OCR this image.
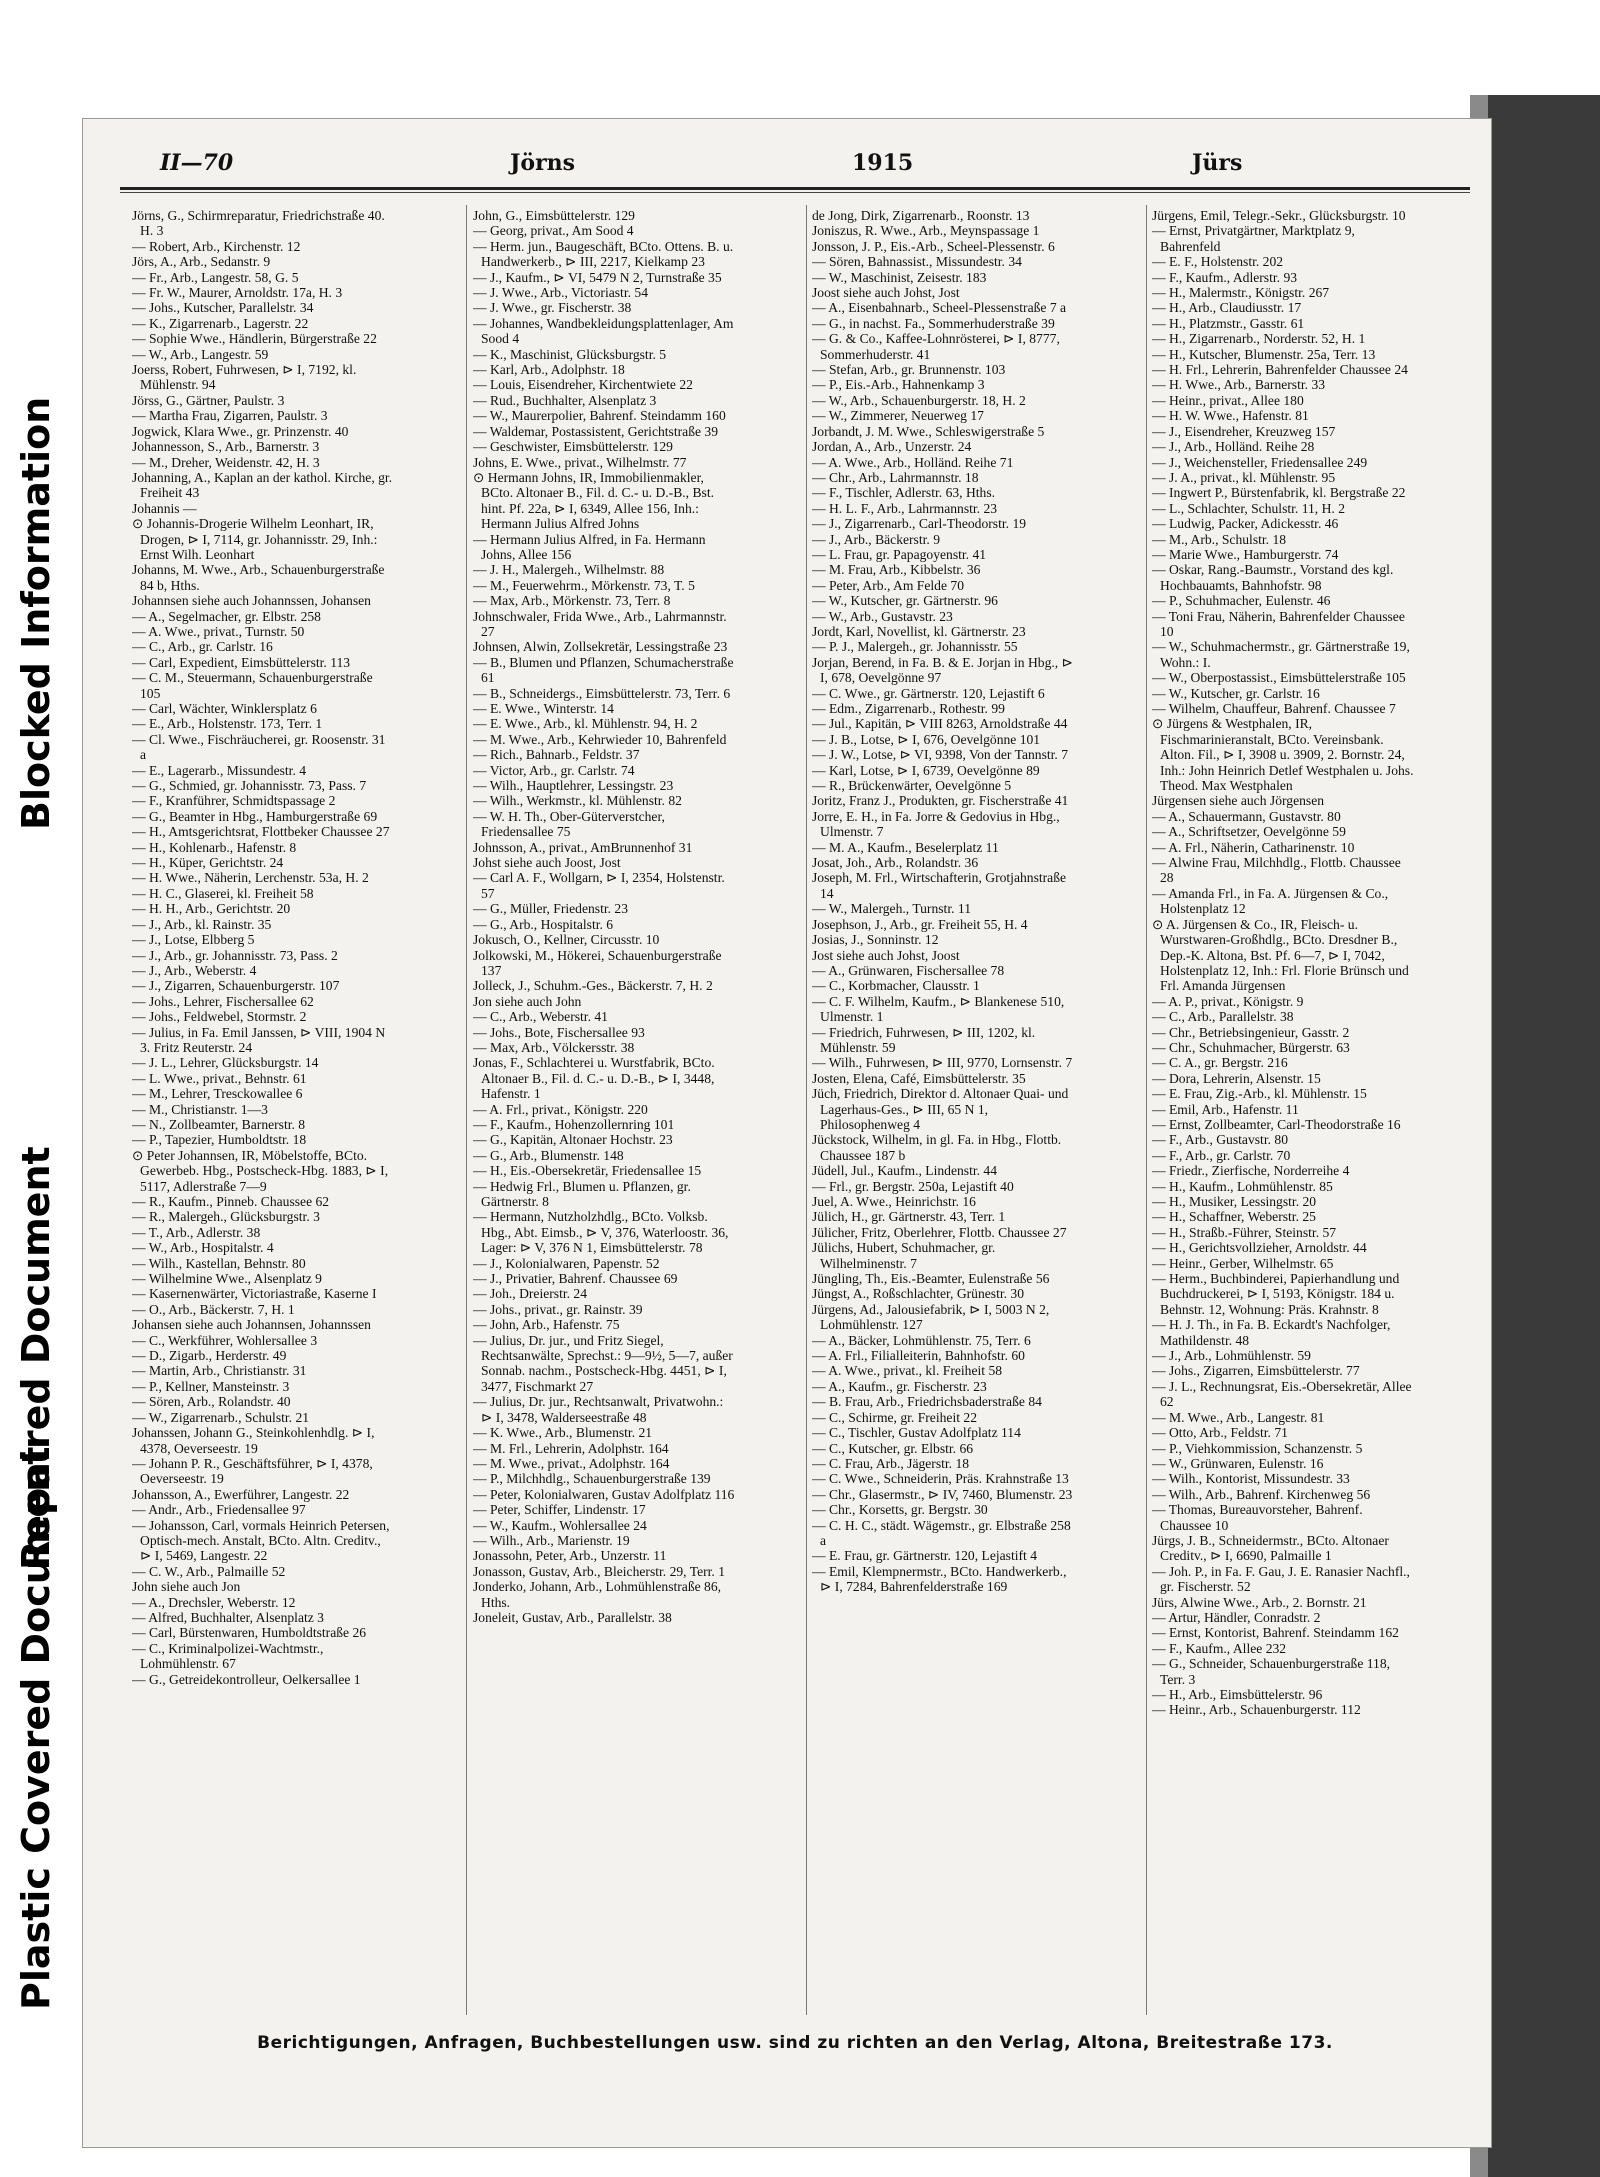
Plastic Covered Document
Repaired Document
Blocked Information
II—70	Jörns	1915	Jürs

Jörns, G., Schirmreparatur, Friedrichstraße 40. H. 3

— Robert, Arb., Kirchenstr. 12

Jörs, A., Arb., Sedanstr. 9

— Fr., Arb., Langestr. 58, G. 5

— Fr. W., Maurer, Arnoldstr. 17a, H. 3

— Johs., Kutscher, Parallelstr. 34

— K., Zigarrenarb., Lagerstr. 22

— Sophie Wwe., Händlerin, Bürgerstraße 22

— W., Arb., Langestr. 59

Joerss, Robert, Fuhrwesen, ⊳ I, 7192, kl. Mühlenstr. 94

Jörss, G., Gärtner, Paulstr. 3

— Martha Frau, Zigarren, Paulstr. 3

Jogwick, Klara Wwe., gr. Prinzenstr. 40

Johannesson, S., Arb., Barnerstr. 3

— M., Dreher, Weidenstr. 42, H. 3

Johanning, A., Kaplan an der kathol. Kirche, gr. Freiheit 43

Johannis —

⊙ Johannis-Drogerie Wilhelm Leonhart, IR, Drogen, ⊳ I, 7114, gr. Johannisstr. 29, Inh.: Ernst Wilh. Leonhart

Johanns, M. Wwe., Arb., Schauenburgerstraße 84 b, Hths.

Johannsen siehe auch Johannssen, Johansen

— A., Segelmacher, gr. Elbstr. 258

— A. Wwe., privat., Turnstr. 50

— C., Arb., gr. Carlstr. 16

— Carl, Expedient, Eimsbüttelerstr. 113

— C. M., Steuermann, Schauenburgerstraße 105

— Carl, Wächter, Winklersplatz 6

— E., Arb., Holstenstr. 173, Terr. 1

— Cl. Wwe., Fischräucherei, gr. Roosenstr. 31 a

— E., Lagerarb., Missundestr. 4

— G., Schmied, gr. Johannisstr. 73, Pass. 7

— F., Kranführer, Schmidtspassage 2

— G., Beamter in Hbg., Hamburgerstraße 69

— H., Amtsgerichtsrat, Flottbeker Chaussee 27

— H., Kohlenarb., Hafenstr. 8

— H., Küper, Gerichtstr. 24

— H. Wwe., Näherin, Lerchenstr. 53a, H. 2

— H. C., Glaserei, kl. Freiheit 58

— H. H., Arb., Gerichtstr. 20

— J., Arb., kl. Rainstr. 35

— J., Lotse, Elbberg 5

— J., Arb., gr. Johannisstr. 73, Pass. 2

— J., Arb., Weberstr. 4

— J., Zigarren, Schauenburgerstr. 107

— Johs., Lehrer, Fischersallee 62

— Johs., Feldwebel, Stormstr. 2

— Julius, in Fa. Emil Janssen, ⊳ VIII, 1904 N 3. Fritz Reuterstr. 24

— J. L., Lehrer, Glücksburgstr. 14

— L. Wwe., privat., Behnstr. 61

— M., Lehrer, Tresckowallee 6

— M., Christianstr. 1—3

— N., Zollbeamter, Barnerstr. 8

— P., Tapezier, Humboldtstr. 18

⊙ Peter Johannsen, IR, Möbelstoffe, BCto. Gewerbeb. Hbg., Postscheck-Hbg. 1883, ⊳ I, 5117, Adlerstraße 7—9

— R., Kaufm., Pinneb. Chaussee 62

— R., Malergeh., Glücksburgstr. 3

— T., Arb., Adlerstr. 38

— W., Arb., Hospitalstr. 4

— Wilh., Kastellan, Behnstr. 80

— Wilhelmine Wwe., Alsenplatz 9

— Kasernenwärter, Victoriastraße, Kaserne I

— O., Arb., Bäckerstr. 7, H. 1

Johansen siehe auch Johannsen, Johannssen

— C., Werkführer, Wohlersallee 3

— D., Zigarb., Herderstr. 49

— Martin, Arb., Christianstr. 31

— P., Kellner, Mansteinstr. 3

— Sören, Arb., Rolandstr. 40

— W., Zigarrenarb., Schulstr. 21

Johanssen, Johann G., Steinkohlenhdlg. ⊳ I, 4378, Oeverseestr. 19

— Johann P. R., Geschäftsführer, ⊳ I, 4378, Oeverseestr. 19

Johansson, A., Ewerführer, Langestr. 22

— Andr., Arb., Friedensallee 97

— Johansson, Carl, vormals Heinrich Petersen, Optisch-mech. Anstalt, BCto. Altn. Creditv., ⊳ I, 5469, Langestr. 22

— C. W., Arb., Palmaille 52

John siehe auch Jon

— A., Drechsler, Weberstr. 12

— Alfred, Buchhalter, Alsenplatz 3

— Carl, Bürstenwaren, Humboldtstraße 26

— C., Kriminalpolizei-Wachtmstr., Lohmühlenstr. 67

— G., Getreidekontrolleur, Oelkersallee 1

John, G., Eimsbüttelerstr. 129

— Georg, privat., Am Sood 4

— Herm. jun., Baugeschäft, BCto. Ottens. B. u. Handwerkerb., ⊳ III, 2217, Kielkamp 23

— J., Kaufm., ⊳ VI, 5479 N 2, Turnstraße 35

— J. Wwe., Arb., Victoriastr. 54

— J. Wwe., gr. Fischerstr. 38

— Johannes, Wandbekleidungsplattenlager, Am Sood 4

— K., Maschinist, Glücksburgstr. 5

— Karl, Arb., Adolphstr. 18

— Louis, Eisendreher, Kirchentwiete 22

— Rud., Buchhalter, Alsenplatz 3

— W., Maurerpolier, Bahrenf. Steindamm 160

— Waldemar, Postassistent, Gerichtstraße 39

— Geschwister, Eimsbüttelerstr. 129

Johns, E. Wwe., privat., Wilhelmstr. 77

⊙ Hermann Johns, IR, Immobilienmakler, BCto. Altonaer B., Fil. d. C.- u. D.-B., Bst. hint. Pf. 22a, ⊳ I, 6349, Allee 156, Inh.: Hermann Julius Alfred Johns

— Hermann Julius Alfred, in Fa. Hermann Johns, Allee 156

— J. H., Malergeh., Wilhelmstr. 88

— M., Feuerwehrm., Mörkenstr. 73, T. 5

— Max, Arb., Mörkenstr. 73, Terr. 8

Johnschwaler, Frida Wwe., Arb., Lahrmannstr. 27

Johnsen, Alwin, Zollsekretär, Lessingstraße 23

— B., Blumen und Pflanzen, Schumacherstraße 61

— B., Schneidergs., Eimsbüttelerstr. 73, Terr. 6

— E. Wwe., Winterstr. 14

— E. Wwe., Arb., kl. Mühlenstr. 94, H. 2

— M. Wwe., Arb., Kehrwieder 10, Bahrenfeld

— Rich., Bahnarb., Feldstr. 37

— Victor, Arb., gr. Carlstr. 74

— Wilh., Hauptlehrer, Lessingstr. 23

— Wilh., Werkmstr., kl. Mühlenstr. 82

— W. H. Th., Ober-Güterverstcher, Friedensallee 75

Johnsson, A., privat., AmBrunnenhof 31

Johst siehe auch Joost, Jost

— Carl A. F., Wollgarn, ⊳ I, 2354, Holstenstr. 57

— G., Müller, Friedenstr. 23

— G., Arb., Hospitalstr. 6

Jokusch, O., Kellner, Circusstr. 10

Jolkowski, M., Hökerei, Schauenburgerstraße 137

Jolleck, J., Schuhm.-Ges., Bäckerstr. 7, H. 2

Jon siehe auch John

— C., Arb., Weberstr. 41

— Johs., Bote, Fischersallee 93

— Max, Arb., Völckersstr. 38

Jonas, F., Schlachterei u. Wurstfabrik, BCto. Altonaer B., Fil. d. C.- u. D.-B., ⊳ I, 3448, Hafenstr. 1

— A. Frl., privat., Königstr. 220

— F., Kaufm., Hohenzollernring 101

— G., Kapitän, Altonaer Hochstr. 23

— G., Arb., Blumenstr. 148

— H., Eis.-Obersekretär, Friedensallee 15

— Hedwig Frl., Blumen u. Pflanzen, gr. Gärtnerstr. 8

— Hermann, Nutzholzhdlg., BCto. Volksb. Hbg., Abt. Eimsb., ⊳ V, 376, Waterloostr. 36, Lager: ⊳ V, 376 N 1, Eimsbüttelerstr. 78

— J., Kolonialwaren, Papenstr. 52

— J., Privatier, Bahrenf. Chaussee 69

— Joh., Dreierstr. 24

— Johs., privat., gr. Rainstr. 39

— John, Arb., Hafenstr. 75

— Julius, Dr. jur., und Fritz Siegel, Rechtsanwälte, Sprechst.: 9—9½, 5—7, außer Sonnab. nachm., Postscheck-Hbg. 4451, ⊳ I, 3477, Fischmarkt 27

— Julius, Dr. jur., Rechtsanwalt, Privatwohn.: ⊳ I, 3478, Walderseestraße 48

— K. Wwe., Arb., Blumenstr. 21

— M. Frl., Lehrerin, Adolphstr. 164

— M. Wwe., privat., Adolphstr. 164

— P., Milchhdlg., Schauenburgerstraße 139

— Peter, Kolonialwaren, Gustav Adolfplatz 116

— Peter, Schiffer, Lindenstr. 17

— W., Kaufm., Wohlersallee 24

— Wilh., Arb., Marienstr. 19

Jonassohn, Peter, Arb., Unzerstr. 11

Jonasson, Gustav, Arb., Bleicherstr. 29, Terr. 1

Jonderko, Johann, Arb., Lohmühlenstraße 86, Hths.

Joneleit, Gustav, Arb., Parallelstr. 38

de Jong, Dirk, Zigarrenarb., Roonstr. 13

Joniszus, R. Wwe., Arb., Meynspassage 1

Jonsson, J. P., Eis.-Arb., Scheel-Plessenstr. 6

— Sören, Bahnassist., Missundestr. 34

— W., Maschinist, Zeisestr. 183

Joost siehe auch Johst, Jost

— A., Eisenbahnarb., Scheel-Plessenstraße 7 a

— G., in nachst. Fa., Sommerhuderstraße 39

— G. & Co., Kaffee-Lohnrösterei, ⊳ I, 8777, Sommerhuderstr. 41

— Stefan, Arb., gr. Brunnenstr. 103

— P., Eis.-Arb., Hahnenkamp 3

— W., Arb., Schauenburgerstr. 18, H. 2

— W., Zimmerer, Neuerweg 17

Jorbandt, J. M. Wwe., Schleswigerstraße 5

Jordan, A., Arb., Unzerstr. 24

— A. Wwe., Arb., Holländ. Reihe 71

— Chr., Arb., Lahrmannstr. 18

— F., Tischler, Adlerstr. 63, Hths.

— H. L. F., Arb., Lahrmannstr. 23

— J., Zigarrenarb., Carl-Theodorstr. 19

— J., Arb., Bäckerstr. 9

— L. Frau, gr. Papagoyenstr. 41

— M. Frau, Arb., Kibbelstr. 36

— Peter, Arb., Am Felde 70

— W., Kutscher, gr. Gärtnerstr. 96

— W., Arb., Gustavstr. 23

Jordt, Karl, Novellist, kl. Gärtnerstr. 23

— P. J., Malergeh., gr. Johannisstr. 55

Jorjan, Berend, in Fa. B. & E. Jorjan in Hbg., ⊳ I, 678, Oevelgönne 97

— C. Wwe., gr. Gärtnerstr. 120, Lejastift 6

— Edm., Zigarrenarb., Rothestr. 99

— Jul., Kapitän, ⊳ VIII 8263, Arnoldstraße 44

— J. B., Lotse, ⊳ I, 676, Oevelgönne 101

— J. W., Lotse, ⊳ VI, 9398, Von der Tannstr. 7

— Karl, Lotse, ⊳ I, 6739, Oevelgönne 89

— R., Brückenwärter, Oevelgönne 5

Joritz, Franz J., Produkten, gr. Fischerstraße 41

Jorre, E. H., in Fa. Jorre & Gedovius in Hbg., Ulmenstr. 7

— M. A., Kaufm., Beselerplatz 11

Josat, Joh., Arb., Rolandstr. 36

Joseph, M. Frl., Wirtschafterin, Grotjahnstraße 14

— W., Malergeh., Turnstr. 11

Josephson, J., Arb., gr. Freiheit 55, H. 4

Josias, J., Sonninstr. 12

Jost siehe auch Johst, Joost

— A., Grünwaren, Fischersallee 78

— C., Korbmacher, Clausstr. 1

— C. F. Wilhelm, Kaufm., ⊳ Blankenese 510, Ulmenstr. 1

— Friedrich, Fuhrwesen, ⊳ III, 1202, kl. Mühlenstr. 59

— Wilh., Fuhrwesen, ⊳ III, 9770, Lornsenstr. 7

Josten, Elena, Café, Eimsbüttelerstr. 35

Jüch, Friedrich, Direktor d. Altonaer Quai- und Lagerhaus-Ges., ⊳ III, 65 N 1, Philosophenweg 4

Jückstock, Wilhelm, in gl. Fa. in Hbg., Flottb. Chaussee 187 b

Jüdell, Jul., Kaufm., Lindenstr. 44

— Frl., gr. Bergstr. 250a, Lejastift 40

Juel, A. Wwe., Heinrichstr. 16

Jülich, H., gr. Gärtnerstr. 43, Terr. 1

Jülicher, Fritz, Oberlehrer, Flottb. Chaussee 27

Jülichs, Hubert, Schuhmacher, gr. Wilhelminenstr. 7

Jüngling, Th., Eis.-Beamter, Eulenstraße 56

Jüngst, A., Roßschlachter, Grünestr. 30

Jürgens, Ad., Jalousiefabrik, ⊳ I, 5003 N 2, Lohmühlenstr. 127

— A., Bäcker, Lohmühlenstr. 75, Terr. 6

— A. Frl., Filialleiterin, Bahnhofstr. 60

— A. Wwe., privat., kl. Freiheit 58

— A., Kaufm., gr. Fischerstr. 23

— B. Frau, Arb., Friedrichsbaderstraße 84

— C., Schirme, gr. Freiheit 22

— C., Tischler, Gustav Adolfplatz 114

— C., Kutscher, gr. Elbstr. 66

— C. Frau, Arb., Jägerstr. 18

— C. Wwe., Schneiderin, Präs. Krahnstraße 13

— Chr., Glasermstr., ⊳ IV, 7460, Blumenstr. 23

— Chr., Korsetts, gr. Bergstr. 30

— C. H. C., städt. Wägemstr., gr. Elbstraße 258 a

— E. Frau, gr. Gärtnerstr. 120, Lejastift 4

— Emil, Klempnermstr., BCto. Handwerkerb., ⊳ I, 7284, Bahrenfelderstraße 169

Jürgens, Emil, Telegr.-Sekr., Glücksburgstr. 10

— Ernst, Privatgärtner, Marktplatz 9, Bahrenfeld

— E. F., Holstenstr. 202

— F., Kaufm., Adlerstr. 93

— H., Malermstr., Königstr. 267

— H., Arb., Claudiusstr. 17

— H., Platzmstr., Gasstr. 61

— H., Zigarrenarb., Norderstr. 52, H. 1

— H., Kutscher, Blumenstr. 25a, Terr. 13

— H. Frl., Lehrerin, Bahrenfelder Chaussee 24

— H. Wwe., Arb., Barnerstr. 33

— Heinr., privat., Allee 180

— H. W. Wwe., Hafenstr. 81

— J., Eisendreher, Kreuzweg 157

— J., Arb., Holländ. Reihe 28

— J., Weichensteller, Friedensallee 249

— J. A., privat., kl. Mühlenstr. 95

— Ingwert P., Bürstenfabrik, kl. Bergstraße 22

— L., Schlachter, Schulstr. 11, H. 2

— Ludwig, Packer, Adickesstr. 46

— M., Arb., Schulstr. 18

— Marie Wwe., Hamburgerstr. 74

— Oskar, Rang.-Baumstr., Vorstand des kgl. Hochbauamts, Bahnhofstr. 98

— P., Schuhmacher, Eulenstr. 46

— Toni Frau, Näherin, Bahrenfelder Chaussee 10

— W., Schuhmachermstr., gr. Gärtnerstraße 19, Wohn.: I.

— W., Oberpostassist., Eimsbüttelerstraße 105

— W., Kutscher, gr. Carlstr. 16

— Wilhelm, Chauffeur, Bahrenf. Chaussee 7

⊙ Jürgens & Westphalen, IR, Fischmarinieranstalt, BCto. Vereinsbank. Alton. Fil., ⊳ I, 3908 u. 3909, 2. Bornstr. 24, Inh.: John Heinrich Detlef Westphalen u. Johs. Theod. Max Westphalen

Jürgensen siehe auch Jörgensen

— A., Schauermann, Gustavstr. 80

— A., Schriftsetzer, Oevelgönne 59

— A. Frl., Näherin, Catharinenstr. 10

— Alwine Frau, Milchhdlg., Flottb. Chaussee 28

— Amanda Frl., in Fa. A. Jürgensen & Co., Holstenplatz 12

⊙ A. Jürgensen & Co., IR, Fleisch- u. Wurstwaren-Großhdlg., BCto. Dresdner B., Dep.-K. Altona, Bst. Pf. 6—7, ⊳ I, 7042, Holstenplatz 12, Inh.: Frl. Florie Brünsch und Frl. Amanda Jürgensen

— A. P., privat., Königstr. 9

— C., Arb., Parallelstr. 38

— Chr., Betriebsingenieur, Gasstr. 2

— Chr., Schuhmacher, Bürgerstr. 63

— C. A., gr. Bergstr. 216

— Dora, Lehrerin, Alsenstr. 15

— E. Frau, Zig.-Arb., kl. Mühlenstr. 15

— Emil, Arb., Hafenstr. 11

— Ernst, Zollbeamter, Carl-Theodorstraße 16

— F., Arb., Gustavstr. 80

— F., Arb., gr. Carlstr. 70

— Friedr., Zierfische, Norderreihe 4

— H., Kaufm., Lohmühlenstr. 85

— H., Musiker, Lessingstr. 20

— H., Schaffner, Weberstr. 25

— H., Straßb.-Führer, Steinstr. 57

— H., Gerichtsvollzieher, Arnoldstr. 44

— Heinr., Gerber, Wilhelmstr. 65

— Herm., Buchbinderei, Papierhandlung und Buchdruckerei, ⊳ I, 5193, Königstr. 184 u. Behnstr. 12, Wohnung: Präs. Krahnstr. 8

— H. J. Th., in Fa. B. Eckardt's Nachfolger, Mathildenstr. 48

— J., Arb., Lohmühlenstr. 59

— Johs., Zigarren, Eimsbüttelerstr. 77

— J. L., Rechnungsrat, Eis.-Obersekretär, Allee 62

— M. Wwe., Arb., Langestr. 81

— Otto, Arb., Feldstr. 71

— P., Viehkommission, Schanzenstr. 5

— W., Grünwaren, Eulenstr. 16

— Wilh., Kontorist, Missundestr. 33

— Wilh., Arb., Bahrenf. Kirchenweg 56

— Thomas, Bureauvorsteher, Bahrenf. Chaussee 10

Jürgs, J. B., Schneidermstr., BCto. Altonaer Creditv., ⊳ I, 6690, Palmaille 1

— Joh. P., in Fa. F. Gau, J. E. Ranasier Nachfl., gr. Fischerstr. 52

Jürs, Alwine Wwe., Arb., 2. Bornstr. 21

— Artur, Händler, Conradstr. 2

— Ernst, Kontorist, Bahrenf. Steindamm 162

— F., Kaufm., Allee 232

— G., Schneider, Schauenburgerstraße 118, Terr. 3

— H., Arb., Eimsbüttelerstr. 96

— Heinr., Arb., Schauenburgerstr. 112

Berichtigungen, Anfragen, Buchbestellungen usw. sind zu richten an den Verlag, Altona, Breitestraße 173.
